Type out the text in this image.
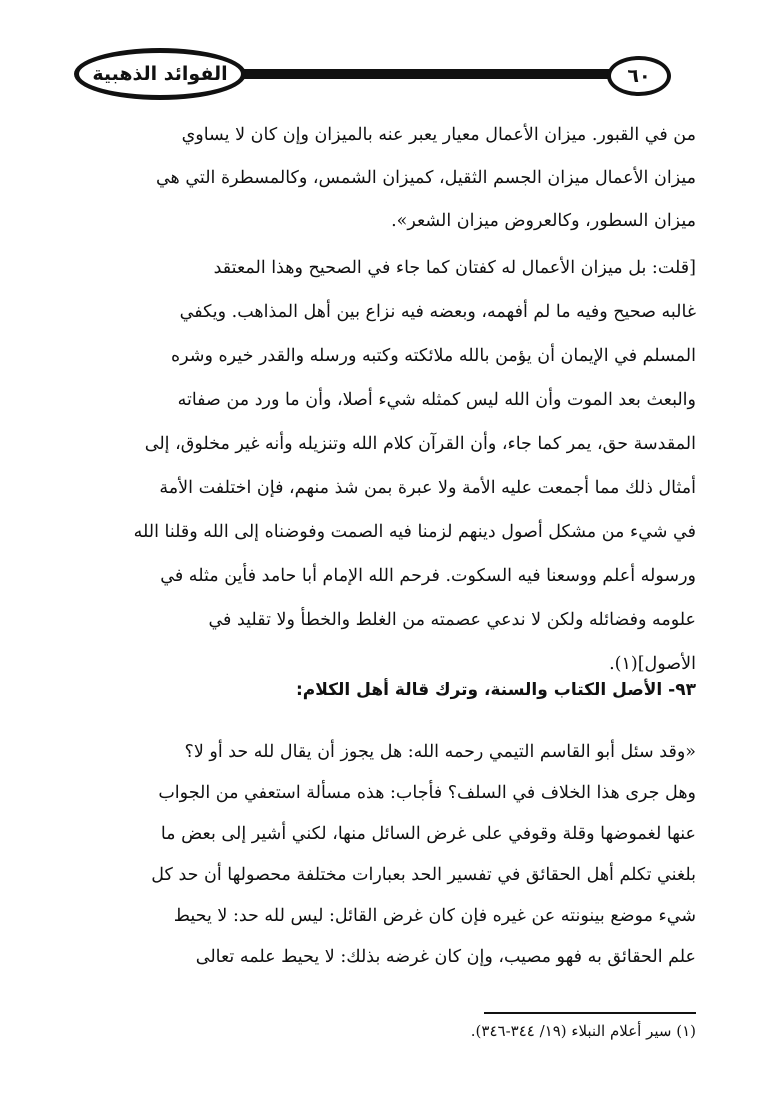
الفوائد الذهبية	٦٠
من في القبور. ميزان الأعمال معيار يعبر عنه بالميزان وإن كان لا يساوي
ميزان الأعمال ميزان الجسم الثقيل، كميزان الشمس، وكالمسطرة التي هي
ميزان السطور، وكالعروض ميزان الشعر».
[قلت: بل ميزان الأعمال له كفتان كما جاء في الصحيح وهذا المعتقد
غالبه صحيح وفيه ما لم أفهمه، وبعضه فيه نزاع بين أهل المذاهب. ويكفي
المسلم في الإيمان أن يؤمن بالله ملائكته وكتبه ورسله والقدر خيره وشره
والبعث بعد الموت وأن الله ليس كمثله شيء أصلا، وأن ما ورد من صفاته
المقدسة حق، يمر كما جاء، وأن القرآن كلام الله وتنزيله وأنه غير مخلوق، إلى
أمثال ذلك مما أجمعت عليه الأمة ولا عبرة بمن شذ منهم، فإن اختلفت الأمة
في شيء من مشكل أصول دينهم لزمنا فيه الصمت وفوضناه إلى الله وقلنا الله
ورسوله أعلم ووسعنا فيه السكوت. فرحم الله الإمام أبا حامد فأين مثله في
علومه وفضائله ولكن لا ندعي عصمته من الغلط والخطأ ولا تقليد في
الأصول](١).
٩٣- الأصل الكتاب والسنة، وترك قالة أهل الكلام:
«وقد سئل أبو القاسم التيمي رحمه الله: هل يجوز أن يقال لله حد أو لا؟
وهل جرى هذا الخلاف في السلف؟ فأجاب: هذه مسألة استعفي من الجواب
عنها لغموضها وقلة وقوفي على غرض السائل منها، لكني أشير إلى بعض ما
بلغني تكلم أهل الحقائق في تفسير الحد بعبارات مختلفة محصولها أن حد كل
شيء موضع بينونته عن غيره فإن كان غرض القائل: ليس لله حد: لا يحيط
علم الحقائق به فهو مصيب، وإن كان غرضه بذلك: لا يحيط علمه تعالى
(١) سير أعلام النبلاء (١٩/ ٣٤٤-٣٤٦).
